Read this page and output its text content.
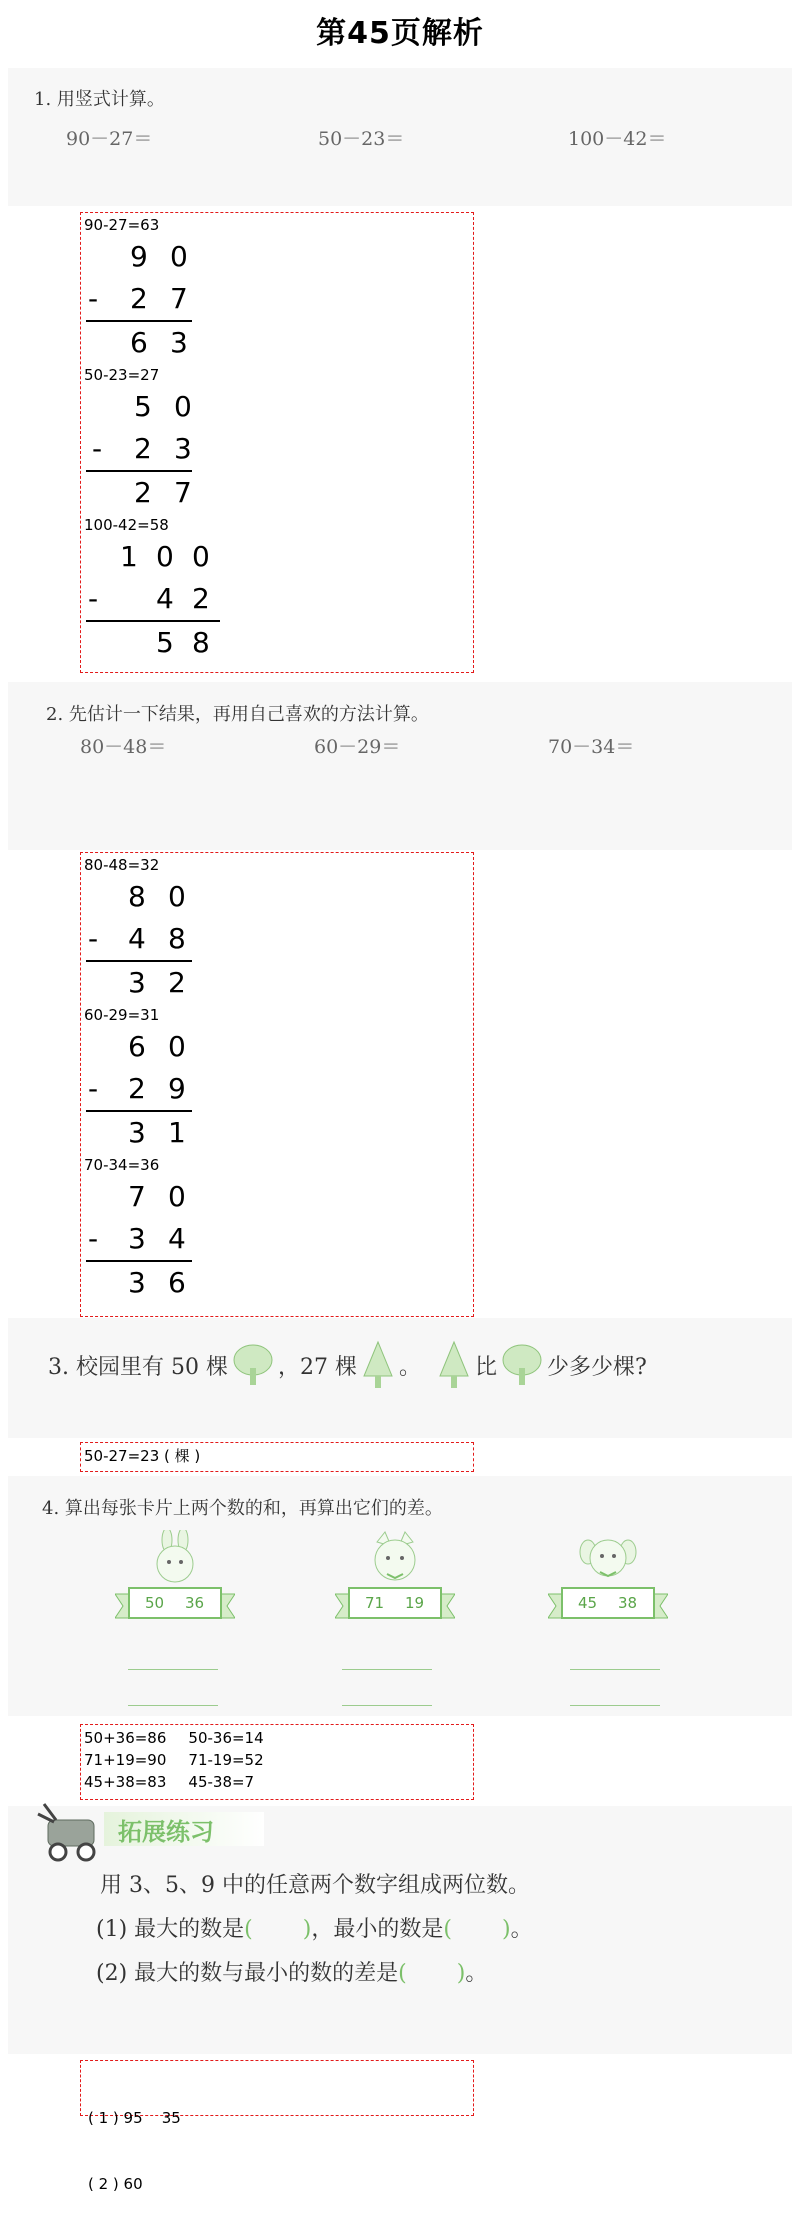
第45页解析
1. 用竖式计算。
90－27＝	50－23＝	100－42＝
90-27=63
9 0
- 2 7
6 3
50-23=27
5 0
- 2 3
2 7
100-42=58
1 0 0
- 4 2
5 8
2. 先估计一下结果，再用自己喜欢的方法计算。
80－48＝	60－29＝	70－34＝
80-48=32
8 0
- 4 8
3 2
60-29=31
6 0
- 2 9
3 1
70-34=36
7 0
- 3 4
3 6
3. 校园里有 50 棵 ，27 棵 。 比 少多少棵?
50-27=23 ( 棵 )
4. 算出每张卡片上两个数的和，再算出它们的差。
50 36	71 19	45 38
50+36=86 50-36=14
71+19=90 71-19=52
45+38=83 45-38=7
拓展练习
用 3、5、9 中的任意两个数字组成两位数。
(1) 最大的数是( )，最小的数是( )。
(2) 最大的数与最小的数的差是( )。

( 1 ) 95    35

( 2 ) 60
